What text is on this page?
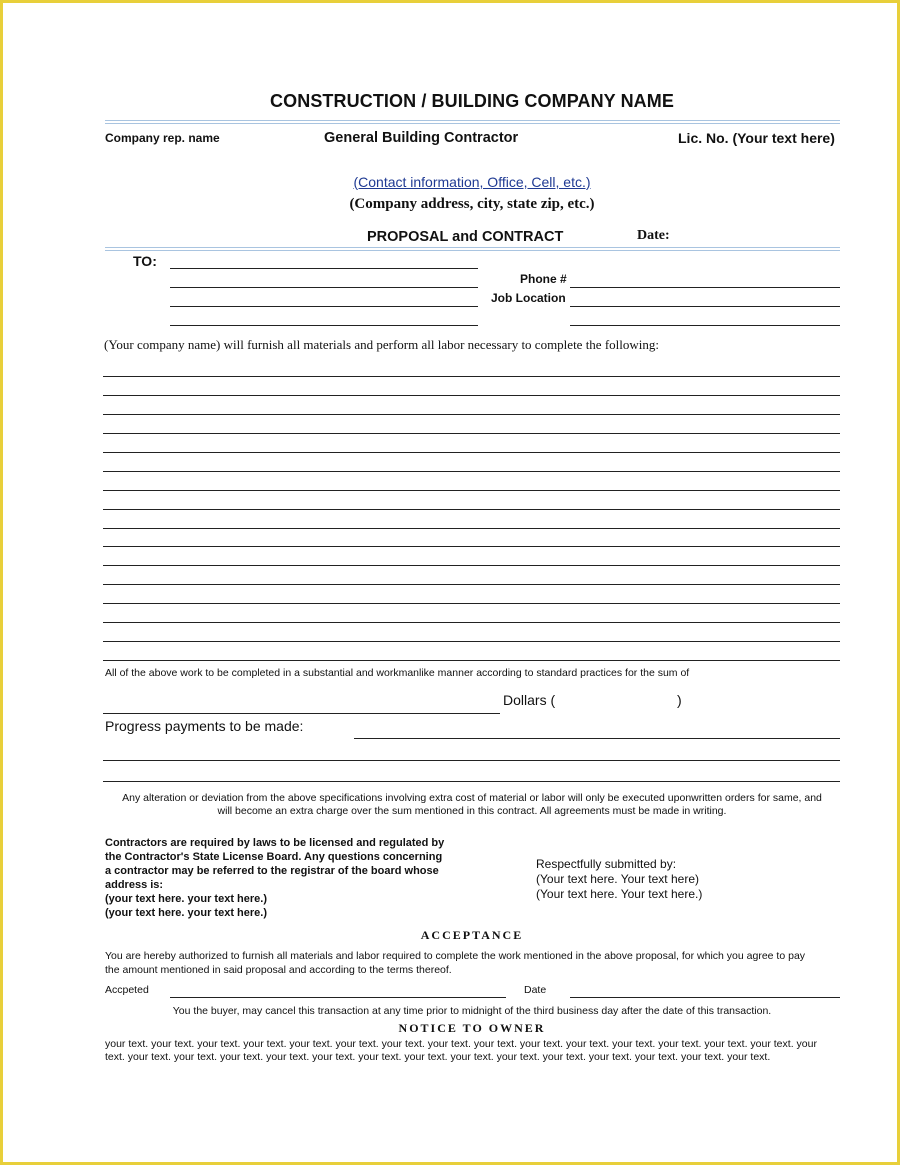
CONSTRUCTION / BUILDING COMPANY NAME
Company rep. name	General Building Contractor	Lic. No. (Your text here)
(Contact information, Office, Cell, etc.)
(Company address, city, state zip, etc.)
PROPOSAL and CONTRACT	Date:
TO:
Phone #
Job Location
(Your company name) will furnish all materials and perform all labor necessary to complete the following:
All of the above work to be completed in a substantial and workmanlike manner according to standard practices for the sum of
Dollars (	)
Progress payments to be made:
Any alteration or deviation from the above specifications involving extra cost of material or labor will only be executed uponwritten orders for same, and
will become an extra charge over the sum mentioned in this contract. All agreements must be made in writing.
Contractors are required by laws to be licensed and regulated by
the Contractor's State License Board. Any questions concerning
a contractor may be referred to the registrar of the board whose
address is:
(your text here. your text here.)
(your text here. your text here.)
Respectfully submitted by:
(Your text here. Your text here)
(Your text here. Your text here.)
ACCEPTANCE
You are hereby authorized to furnish all materials and labor required to complete the work mentioned in the above proposal, for which you agree to pay
the amount mentioned in said proposal and according to the terms thereof.
Accpeted	Date
You the buyer, may cancel this transaction at any time prior to midnight of the third business day after the date of this transaction.
NOTICE TO OWNER
your text. your text. your text. your text. your text. your text. your text. your text. your text. your text. your text. your text. your text. your text. your text. your
text. your text. your text. your text. your text. your text. your text. your text. your text. your text. your text. your text. your text. your text. your text.
